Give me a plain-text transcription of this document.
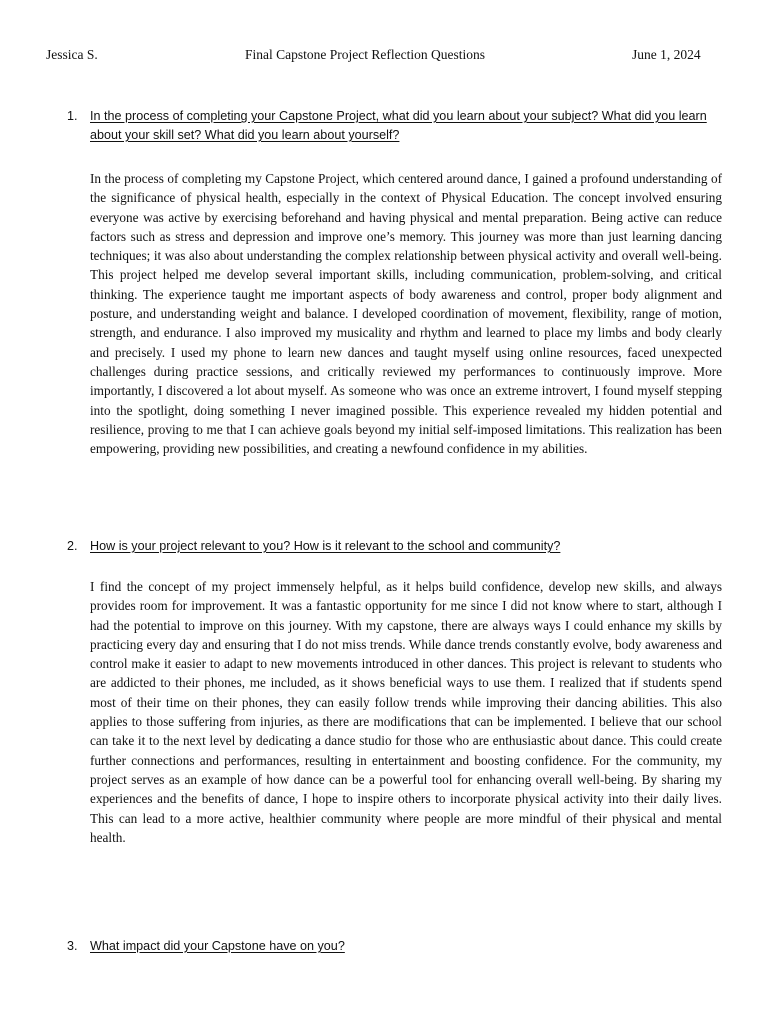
Jessica S.	Final Capstone Project Reflection Questions	June 1, 2024
1. In the process of completing your Capstone Project, what did you learn about your subject? What did you learn about your skill set? What did you learn about yourself?

In the process of completing my Capstone Project, which centered around dance, I gained a profound understanding of the significance of physical health, especially in the context of Physical Education. The concept involved ensuring everyone was active by exercising beforehand and having physical and mental preparation. Being active can reduce factors such as stress and depression and improve one’s memory. This journey was more than just learning dancing techniques; it was also about understanding the complex relationship between physical activity and overall well-being. This project helped me develop several important skills, including communication, problem-solving, and critical thinking. The experience taught me important aspects of body awareness and control, proper body alignment and posture, and understanding weight and balance. I developed coordination of movement, flexibility, range of motion, strength, and endurance. I also improved my musicality and rhythm and learned to place my limbs and body clearly and precisely. I used my phone to learn new dances and taught myself using online resources, faced unexpected challenges during practice sessions, and critically reviewed my performances to continuously improve. More importantly, I discovered a lot about myself. As someone who was once an extreme introvert, I found myself stepping into the spotlight, doing something I never imagined possible. This experience revealed my hidden potential and resilience, proving to me that I can achieve goals beyond my initial self-imposed limitations. This realization has been empowering, providing new possibilities, and creating a newfound confidence in my abilities.

2. How is your project relevant to you? How is it relevant to the school and community?

I find the concept of my project immensely helpful, as it helps build confidence, develop new skills, and always provides room for improvement. It was a fantastic opportunity for me since I did not know where to start, although I had the potential to improve on this journey. With my capstone, there are always ways I could enhance my skills by practicing every day and ensuring that I do not miss trends. While dance trends constantly evolve, body awareness and control make it easier to adapt to new movements introduced in other dances. This project is relevant to students who are addicted to their phones, me included, as it shows beneficial ways to use them. I realized that if students spend most of their time on their phones, they can easily follow trends while improving their dancing abilities. This also applies to those suffering from injuries, as there are modifications that can be implemented. I believe that our school can take it to the next level by dedicating a dance studio for those who are enthusiastic about dance. This could create further connections and performances, resulting in entertainment and boosting confidence. For the community, my project serves as an example of how dance can be a powerful tool for enhancing overall well-being. By sharing my experiences and the benefits of dance, I hope to inspire others to incorporate physical activity into their daily lives. This can lead to a more active, healthier community where people are more mindful of their physical and mental health.

3. What impact did your Capstone have on you?
